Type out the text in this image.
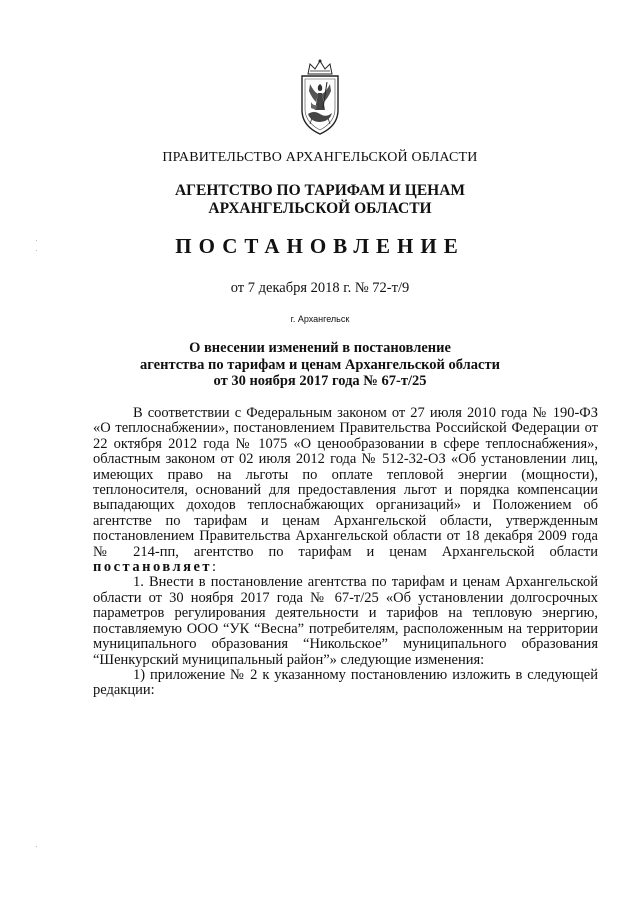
ПРАВИТЕЛЬСТВО АРХАНГЕЛЬСКОЙ ОБЛАСТИ

АГЕНТСТВО ПО ТАРИФАМ И ЦЕНАМ
АРХАНГЕЛЬСКОЙ ОБЛАСТИ

ПОСТАНОВЛЕНИЕ

от 7 декабря 2018 г. № 72-т/9

г. Архангельск

О внесении изменений в постановление
агентства по тарифам и ценам Архангельской области
от 30 ноября 2017 года № 67-т/25

В соответствии с Федеральным законом от 27 июля 2010 года № 190-ФЗ «О теплоснабжении», постановлением Правительства Российской Федерации от 22 октября 2012 года № 1075 «О ценообразовании в сфере теплоснабжения», областным законом от 02 июля 2012 года № 512-32-ОЗ «Об установлении лиц, имеющих право на льготы по оплате тепловой энергии (мощности), теплоносителя, оснований для предоставления льгот и порядка компенсации выпадающих доходов теплоснабжающих организаций» и Положением об агентстве по тарифам и ценам Архангельской области, утвержденным постановлением Правительства Архангельской области от 18 декабря 2009 года № 214-пп, агентство по тарифам и ценам Архангельской области постановляет:

1. Внести в постановление агентства по тарифам и ценам Архангельской области от 30 ноября 2017 года № 67-т/25 «Об установлении долгосрочных параметров регулирования деятельности и тарифов на тепловую энергию, поставляемую ООО “УК “Весна” потребителям, расположенным на территории муниципального образования “Никольское” муниципального образования “Шенкурский муниципальный район”» следующие изменения:

1) приложение № 2 к указанному постановлению изложить в следующей редакции:
